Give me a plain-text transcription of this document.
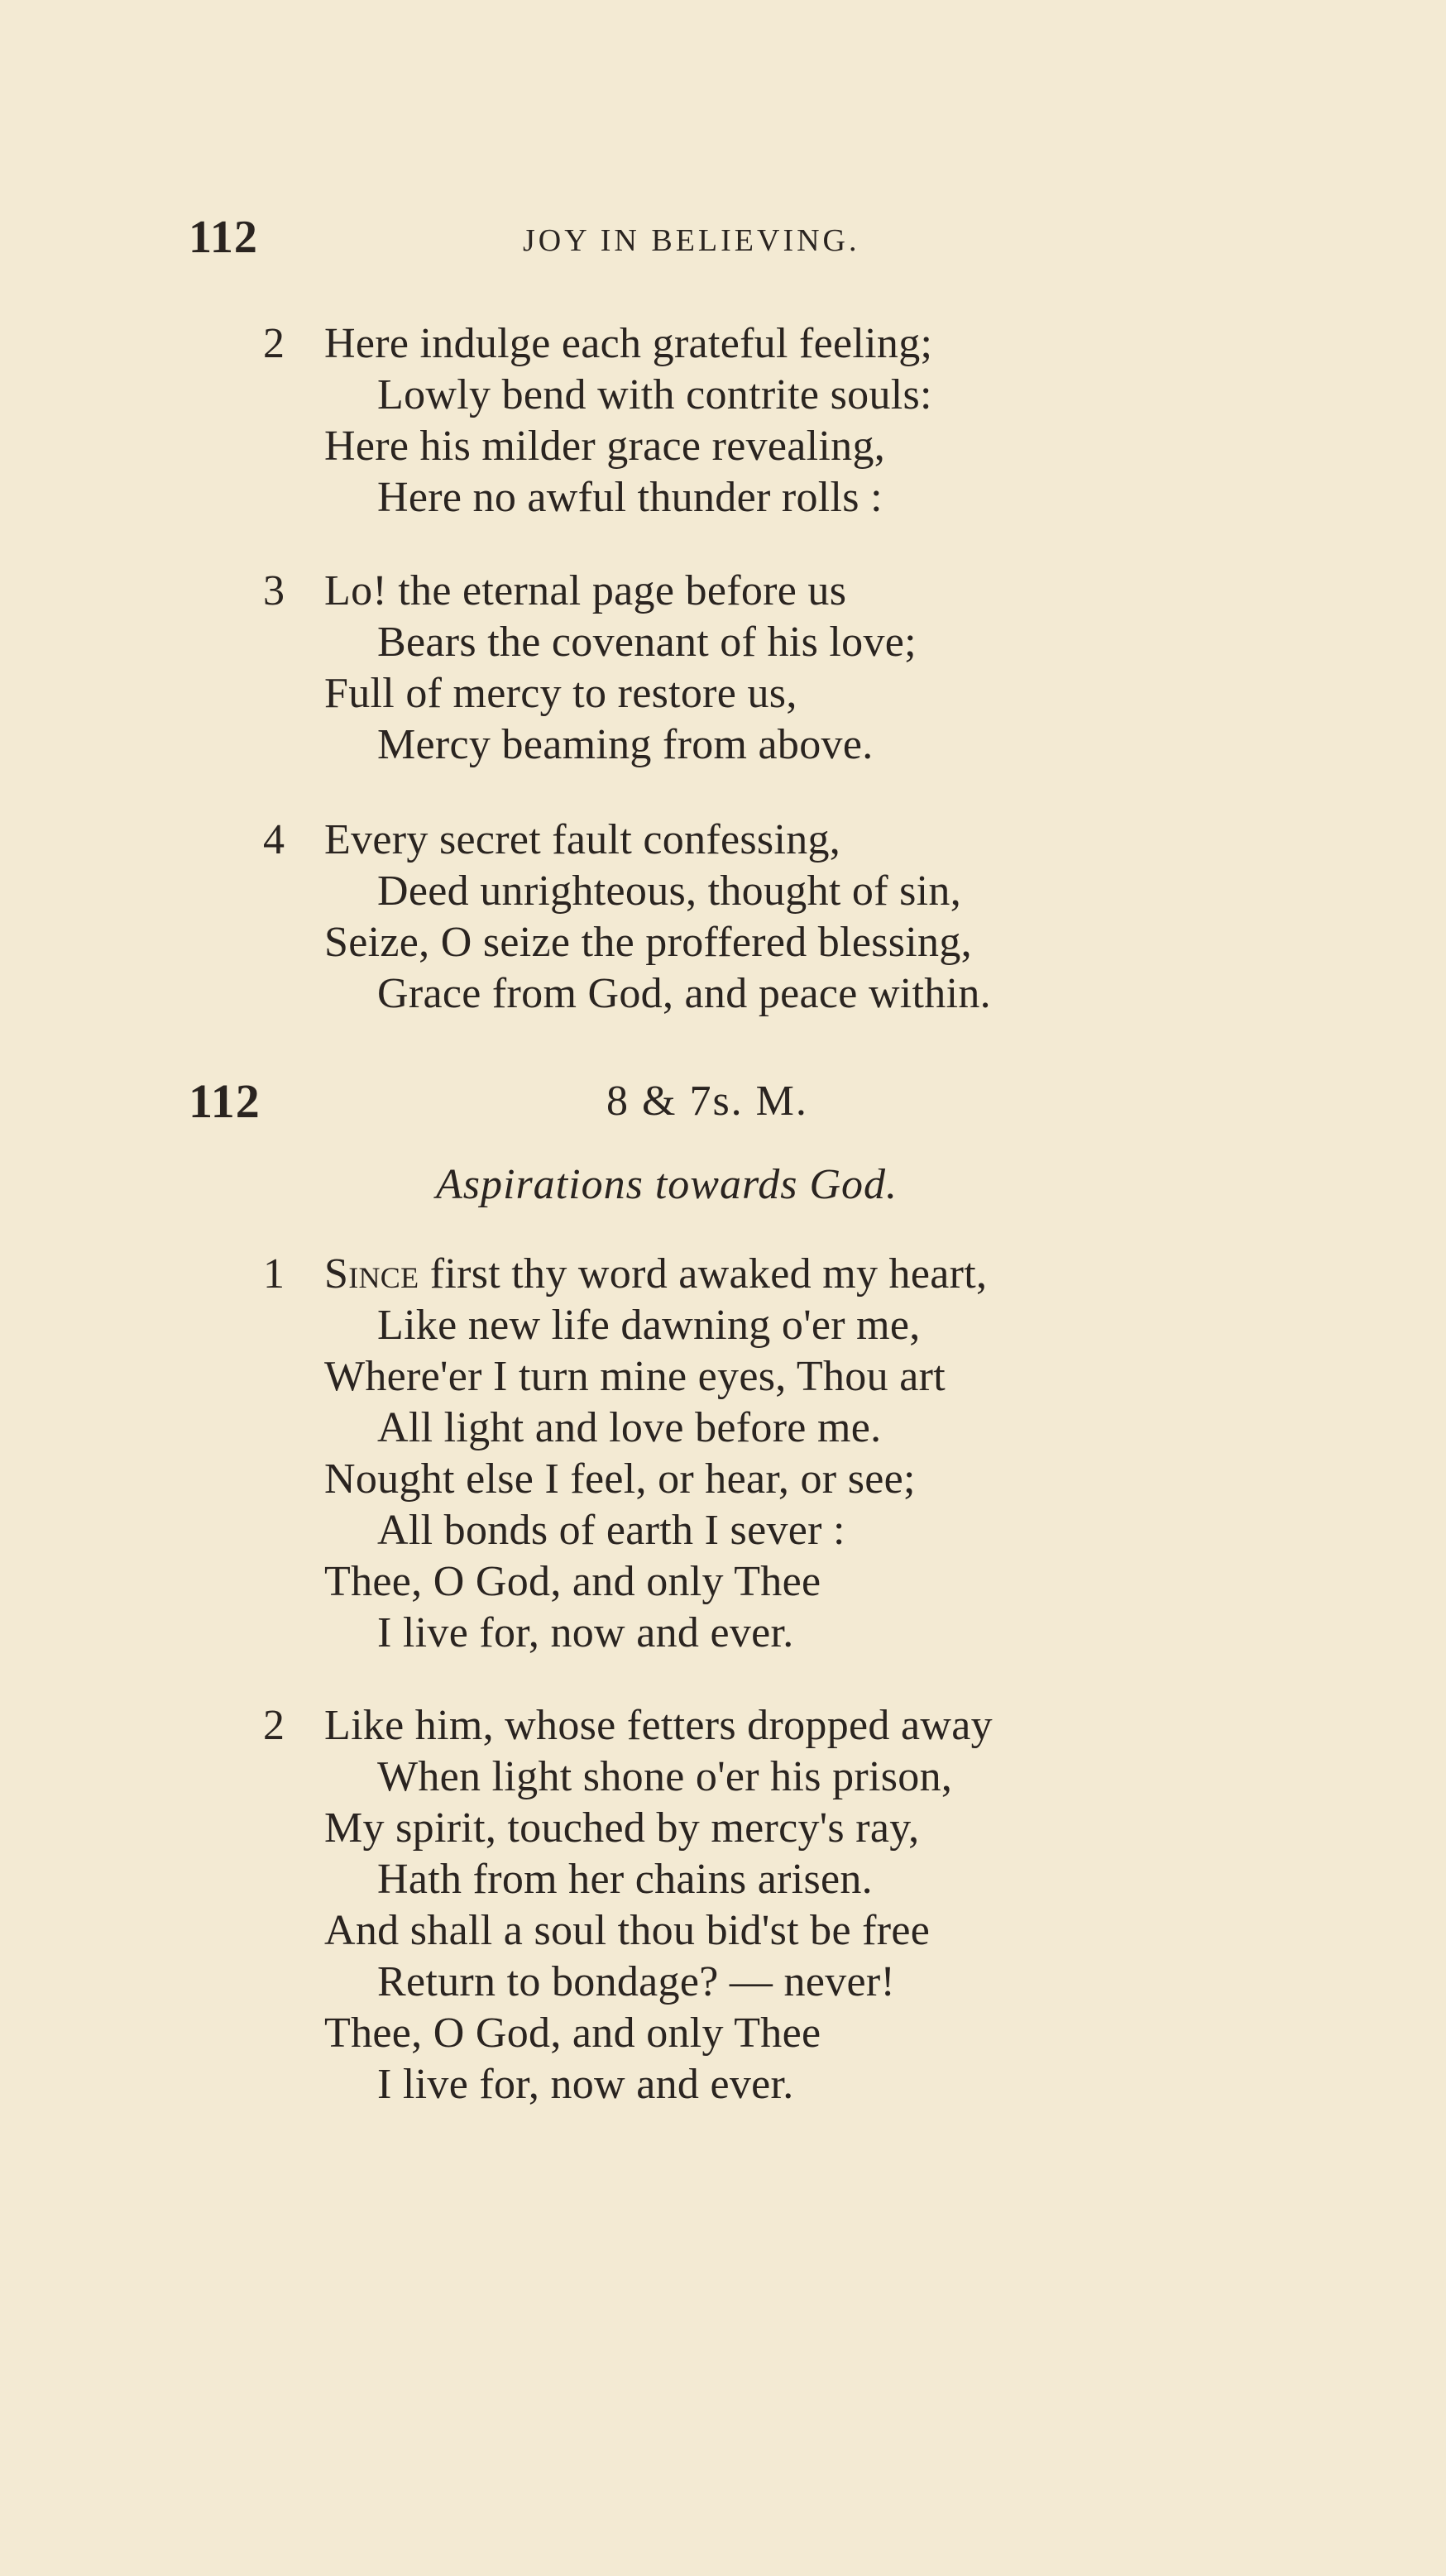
112	JOY IN BELIEVING.
2 Here indulge each grateful feeling;
Lowly bend with contrite souls:
Here his milder grace revealing,
Here no awful thunder rolls :
3 Lo! the eternal page before us
Bears the covenant of his love;
Full of mercy to restore us,
Mercy beaming from above.
4 Every secret fault confessing,
Deed unrighteous, thought of sin,
Seize, O seize the proffered blessing,
Grace from God, and peace within.
112	8 & 7s. M.
Aspirations towards God.
1 Since first thy word awaked my heart,
Like new life dawning o'er me,
Where'er I turn mine eyes, Thou art
All light and love before me.
Nought else I feel, or hear, or see;
All bonds of earth I sever :
Thee, O God, and only Thee
I live for, now and ever.
2 Like him, whose fetters dropped away
When light shone o'er his prison,
My spirit, touched by mercy's ray,
Hath from her chains arisen.
And shall a soul thou bid'st be free
Return to bondage? — never!
Thee, O God, and only Thee
I live for, now and ever.
